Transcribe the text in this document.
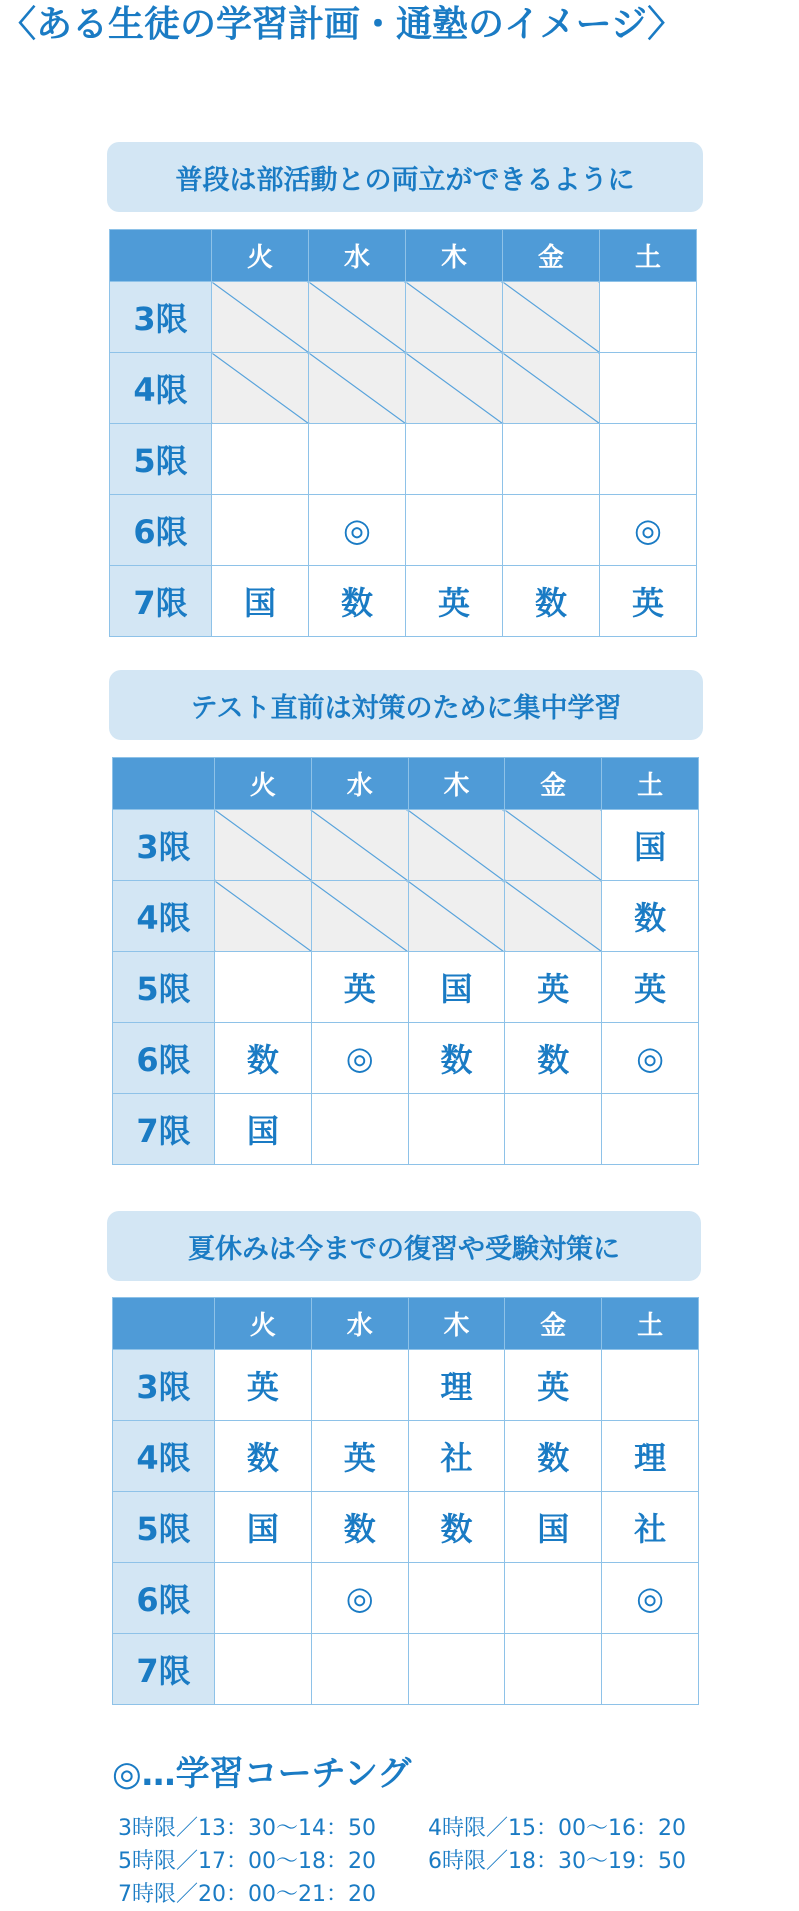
〈ある生徒の学習計画・通塾のイメージ〉
普段は部活動との両立ができるように
	火	水	木	金	土
3限					
4限					
5限					
6限		◎			◎
7限	国	数	英	数	英
テスト直前は対策のために集中学習
	火	水	木	金	土
3限					国
4限					数
5限		英	国	英	英
6限	数	◎	数	数	◎
7限	国				
夏休みは今までの復習や受験対策に
	火	水	木	金	土
3限	英		理	英	
4限	数	英	社	数	理
5限	国	数	数	国	社
6限		◎			◎
7限					
◎…学習コーチング
3時限／13：30〜14：50 4時限／15：00〜16：20 5時限／17：00〜18：20 6時限／18：30〜19：50 7時限／20：00〜21：20
